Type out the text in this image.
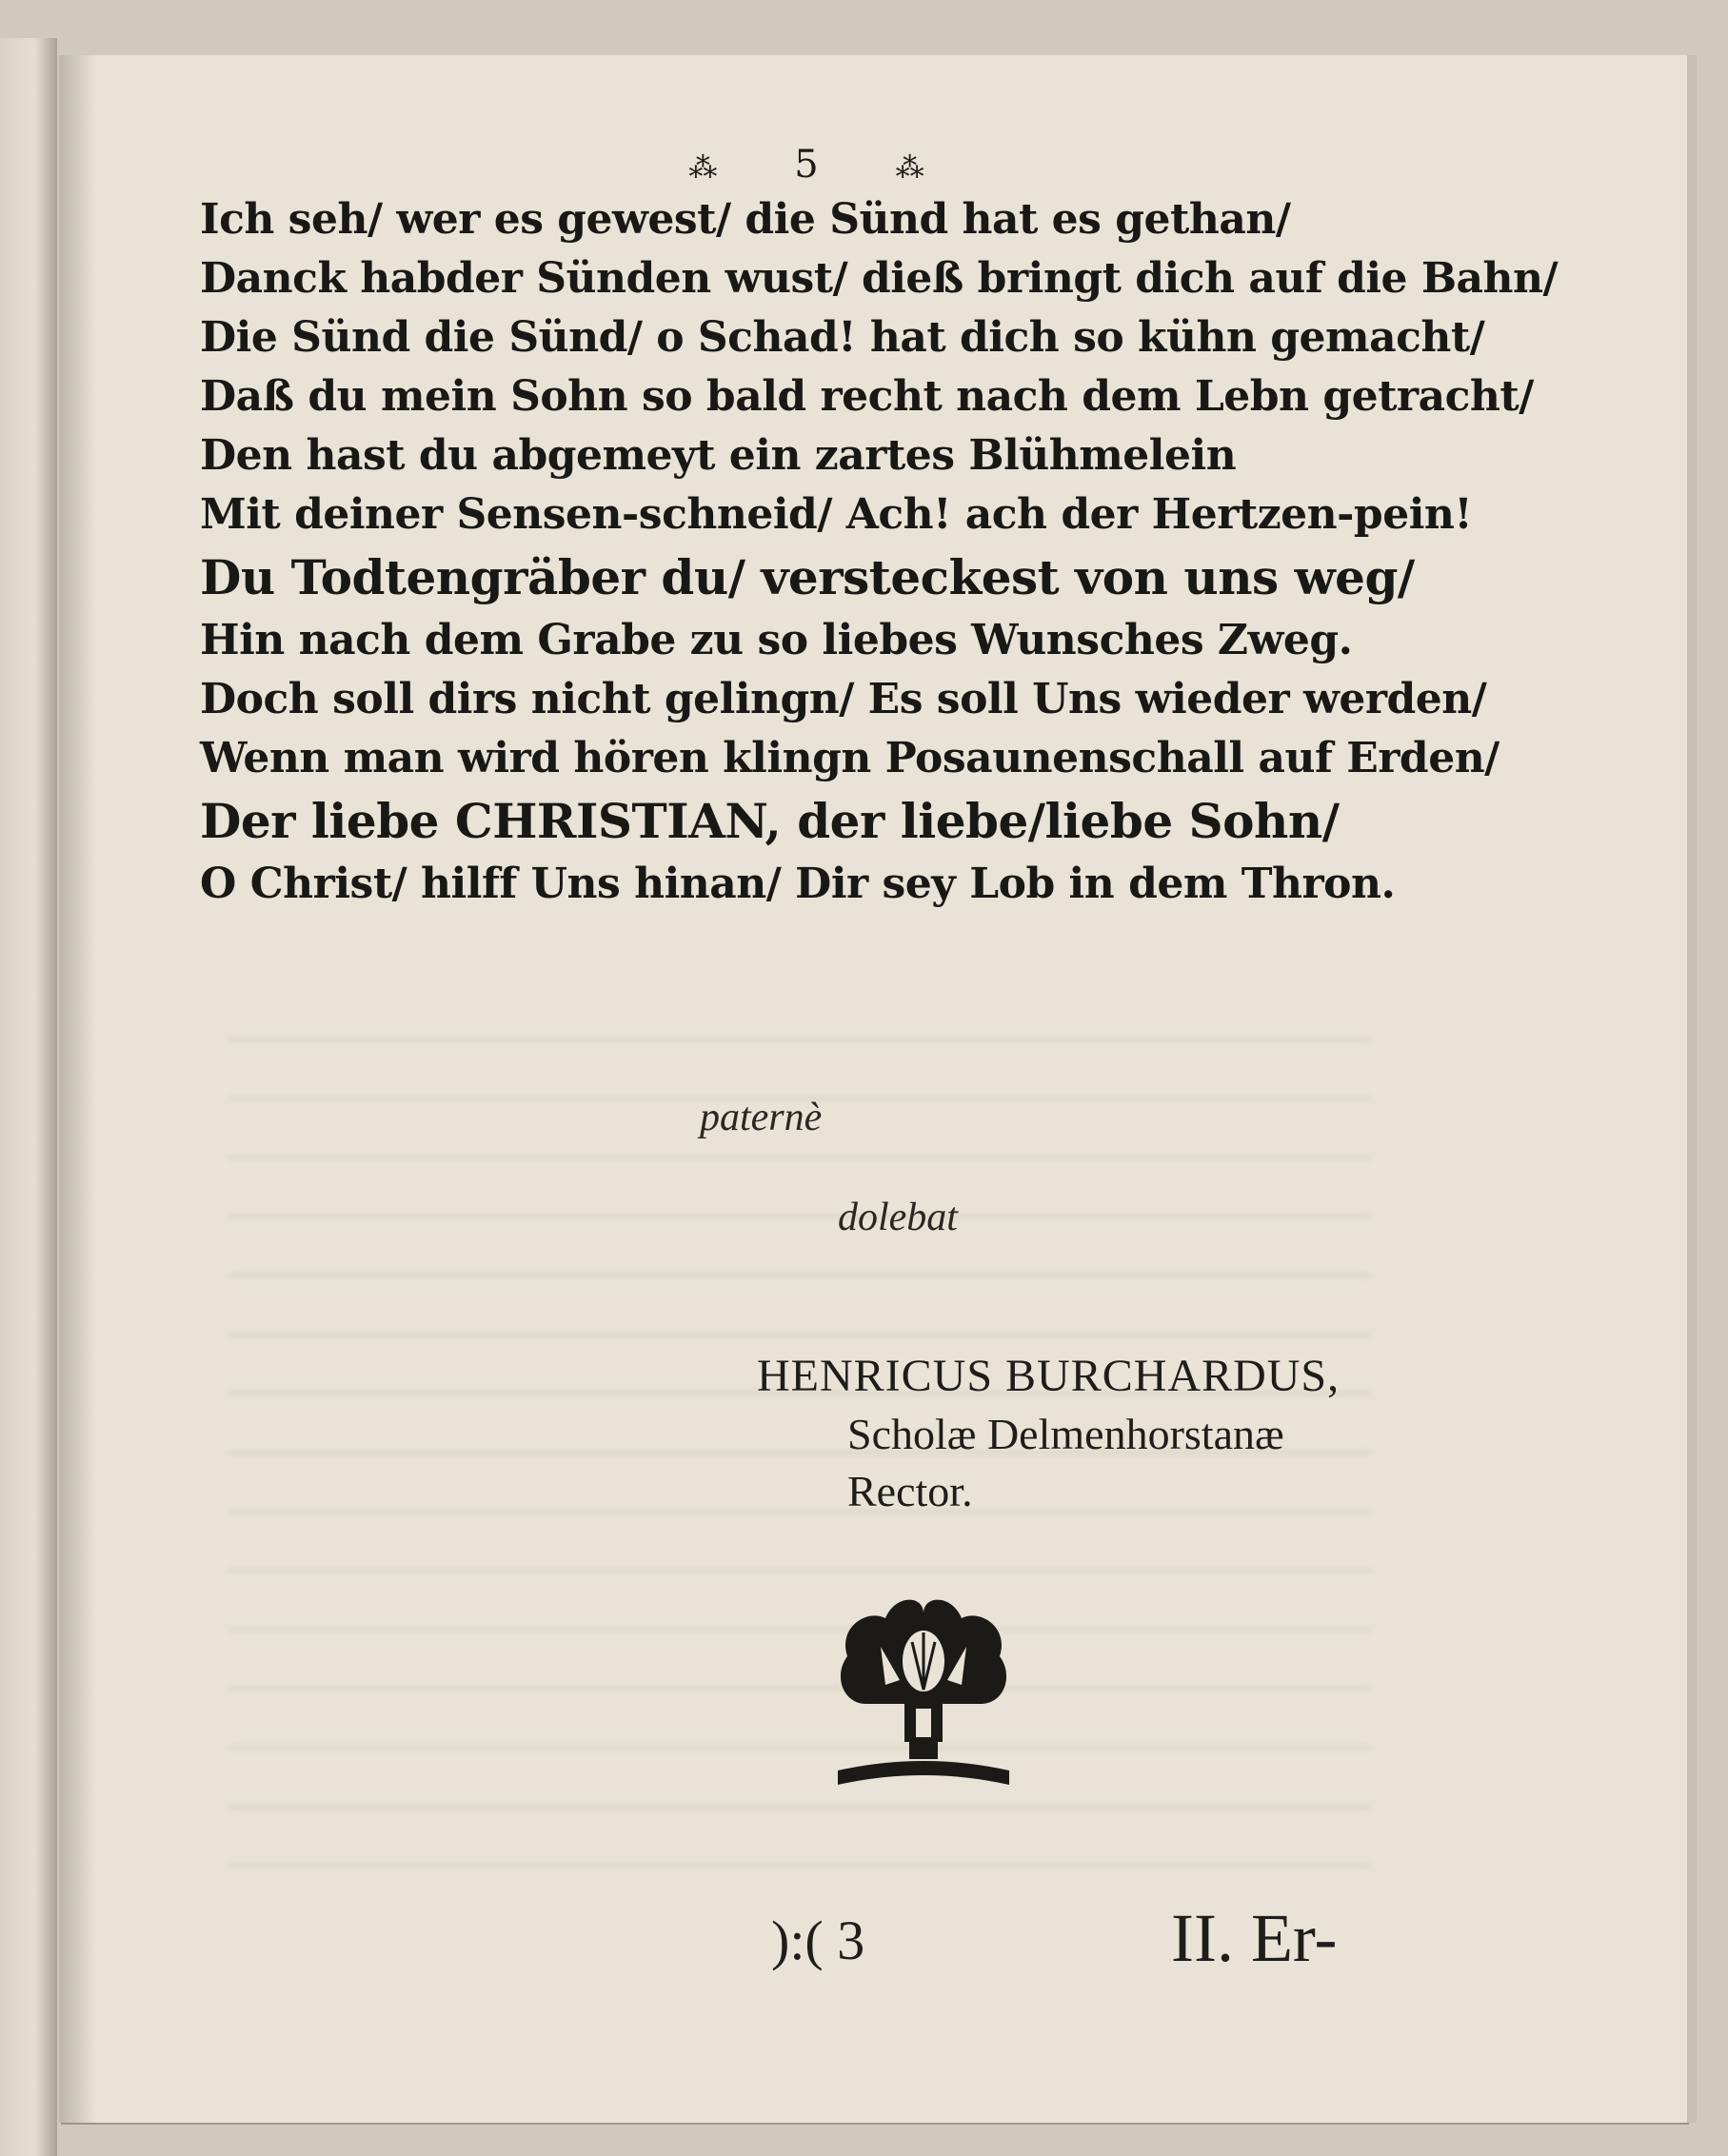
⁂ 5 ⁂
Ich seh/ wer es gewest/ die Sünd hat es gethan/
Danck habder Sünden wust/ dieß bringt dich auf die Bahn/
Die Sünd die Sünd/ o Schad! hat dich so kühn gemacht/
Daß du mein Sohn so bald recht nach dem Lebn getracht/
Den hast du abgemeyt ein zartes Blühmelein
Mit deiner Sensen-schneid/ Ach! ach der Hertzen-pein!
Du Todtengräber du/ versteckest von uns weg/
Hin nach dem Grabe zu so liebes Wunsches Zweg.
Doch soll dirs nicht gelingn/ Es soll Uns wieder werden/
Wenn man wird hören klingn Posaunenschall auf Erden/
Der liebe CHRISTIAN, der liebe/liebe Sohn/
O Christ/ hilff Uns hinan/ Dir sey Lob in dem Thron.
paternè
dolebat
HENRICUS BURCHARDUS,
Scholæ Delmenhorstanæ
Rector.
):( 3	II. Er-
